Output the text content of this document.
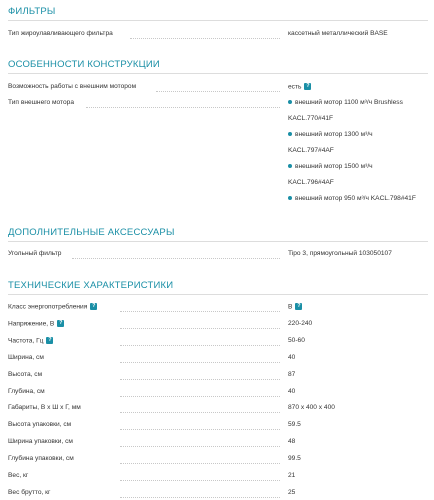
ФИЛЬТРЫ
Тип жироулавливающего фильтра	кассетный металлический BASE
ОСОБЕННОСТИ КОНСТРУКЦИИ
Возможность работы с внешним мотором	есть ?
Тип внешнего мотора	внешний мотор 1100 м³/ч Brushless
KACL.770#41F
внешний мотор 1300 м³/ч
KACL.797#4AF
внешний мотор 1500 м³/ч
KACL.796#4AF
внешний мотор 950 м³/ч KACL.798#41F
ДОПОЛНИТЕЛЬНЫЕ АКСЕССУАРЫ
Угольный фильтр	Tipo 3, прямоугольный 103050107
ТЕХНИЧЕСКИЕ ХАРАКТЕРИСТИКИ
Класс энергопотребления ?	B ?
Напряжение, В ?	220-240
Частота, Гц ?	50-60
Ширина, см	40
Высота, см	87
Глубина, см	40
Габариты, В х Ш х Г, мм	870 x 400 x 400
Высота упаковки, см	59.5
Ширина упаковки, см	48
Глубина упаковки, см	99.5
Вес, кг	21
Вес брутто, кг	25
